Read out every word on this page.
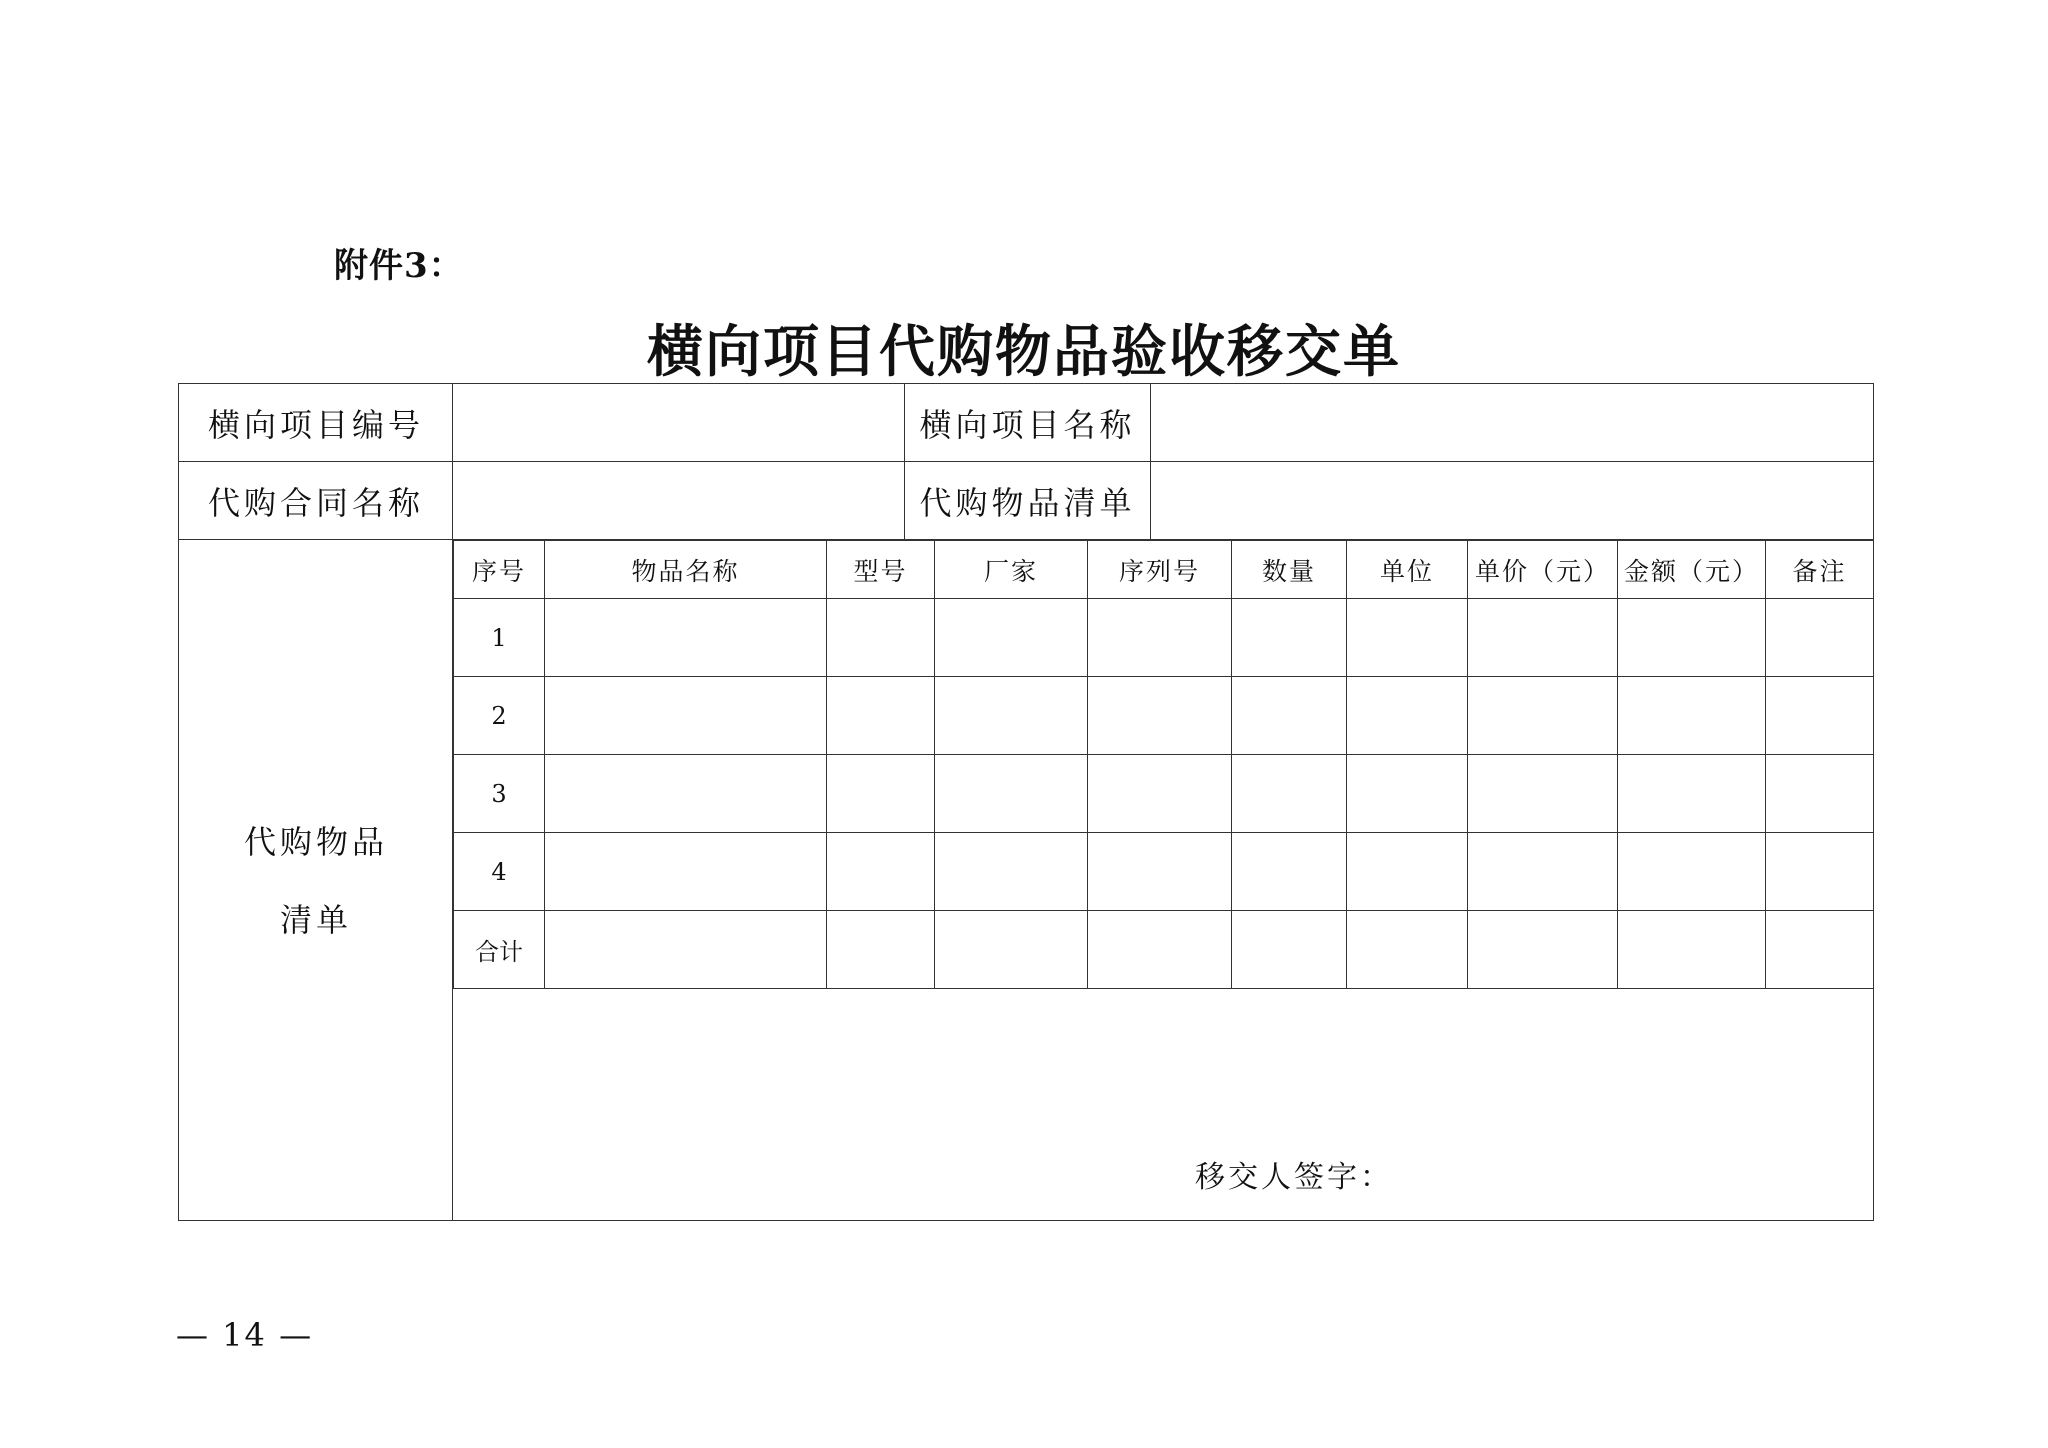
附件3：
横向项目代购物品验收移交单
横向项目编号	横向项目名称
代购合同名称	代购物品清单
代购物品
清单
序号	物品名称	型号	厂家	序列号	数量	单位	单价（元）	金额（元）	备注
1									
2									
3									
4									
合计									
移交人签字：
— 14 —
